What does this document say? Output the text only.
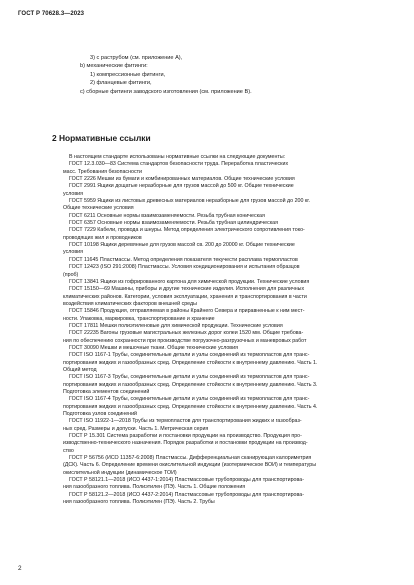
ГОСТ Р 70628.3—2023
3) с раструбом (см. приложение А),
b) механические фитинги:
1) компрессионные фитинги,
2) фланцевые фитинги,
c) сборные фитинги заводского изготовления (см. приложение В).
2 Нормативные ссылки
В настоящем стандарте использованы нормативные ссылки на следующие документы:
ГОСТ 12.3.030—83 Система стандартов безопасности труда. Переработка пластических
масс. Требования безопасности
ГОСТ 2226 Мешки из бумаги и комбинированных материалов. Общие технические условия
ГОСТ 2991 Ящики дощатые неразборные для грузов массой до 500 кг. Общие технические
условия
ГОСТ 5959 Ящики из листовых древесных материалов неразборные для грузов массой до 200 кг.
Общие технические условия
ГОСТ 6211 Основные нормы взаимозаменяемости. Резьба трубная коническая
ГОСТ 6357 Основные нормы взаимозаменяемости. Резьба трубная цилиндрическая
ГОСТ 7229 Кабели, провода и шнуры. Метод определения электрического сопротивления токо-
проводящих жил и проводников
ГОСТ 10198 Ящики деревянные для грузов массой св. 200 до 20000 кг. Общие технические
условия
ГОСТ 11645 Пластмассы. Метод определения показателя текучести расплава термопластов
ГОСТ 12423 (ISO 291:2008) Пластмассы. Условия кондиционирования и испытания образцов
(проб)
ГОСТ 13841 Ящики из гофрированного картона для химической продукции. Технические условия
ГОСТ 15150—69 Машины, приборы и другие технические изделия. Исполнения для различных
климатических районов. Категории, условия эксплуатации, хранения и транспортирования в части
воздействия климатических факторов внешней среды
ГОСТ 15846 Продукция, отправляемая в районы Крайнего Севера и приравненные к ним мест-
ности. Упаковка, маркировка, транспортирование и хранение
ГОСТ 17811 Мешки полиэтиленовые для химической продукции. Технические условия
ГОСТ 22235 Вагоны грузовые магистральных железных дорог колеи 1520 мм. Общие требова-
ния по обеспечению сохранности при производстве погрузочно-разгрузочных и маневровых работ
ГОСТ 30090 Мешки и мешочные ткани. Общие технические условия
ГОСТ ISO 1167-1 Трубы, соединительные детали и узлы соединений из термопластов для транс-
портирования жидких и газообразных сред. Определение стойкости к внутреннему давлению. Часть 1.
Общий метод
ГОСТ ISO 1167-3 Трубы, соединительные детали и узлы соединений из термопластов для транс-
портирования жидких и газообразных сред. Определение стойкости к внутреннему давлению. Часть 3.
Подготовка элементов соединений
ГОСТ ISO 1167-4 Трубы, соединительные детали и узлы соединений из термопластов для транс-
портирования жидких и газообразных сред. Определение стойкости к внутреннему давлению. Часть 4.
Подготовка узлов соединений
ГОСТ ISO 11922-1—2018 Трубы из термопластов для транспортирования жидких и газообраз-
ных сред. Размеры и допуски. Часть 1. Метрическая серия
ГОСТ Р 15.301 Система разработки и постановки продукции на производство. Продукция про-
изводственно-технического назначения. Порядок разработки и постановки продукции на производ-
ство
ГОСТ Р 56756 (ИСО 11357-6:2008) Пластмассы. Дифференциальная сканирующая калориметрия
(ДСК). Часть 6. Определение времени окислительной индукции (изотермическое ВОИ) и температуры
окислительной индукции (динамическое ТОИ)
ГОСТ Р 58121.1—2018 (ИСО 4437-1:2014) Пластмассовые трубопроводы для транспортирова-
ния газообразного топлива. Полиэтилен (ПЭ). Часть 1. Общие положения
ГОСТ Р 58121.2—2018 (ИСО 4437-2:2014) Пластмассовые трубопроводы для транспортирова-
ния газообразного топлива. Полиэтилен (ПЭ). Часть 2. Трубы
2
